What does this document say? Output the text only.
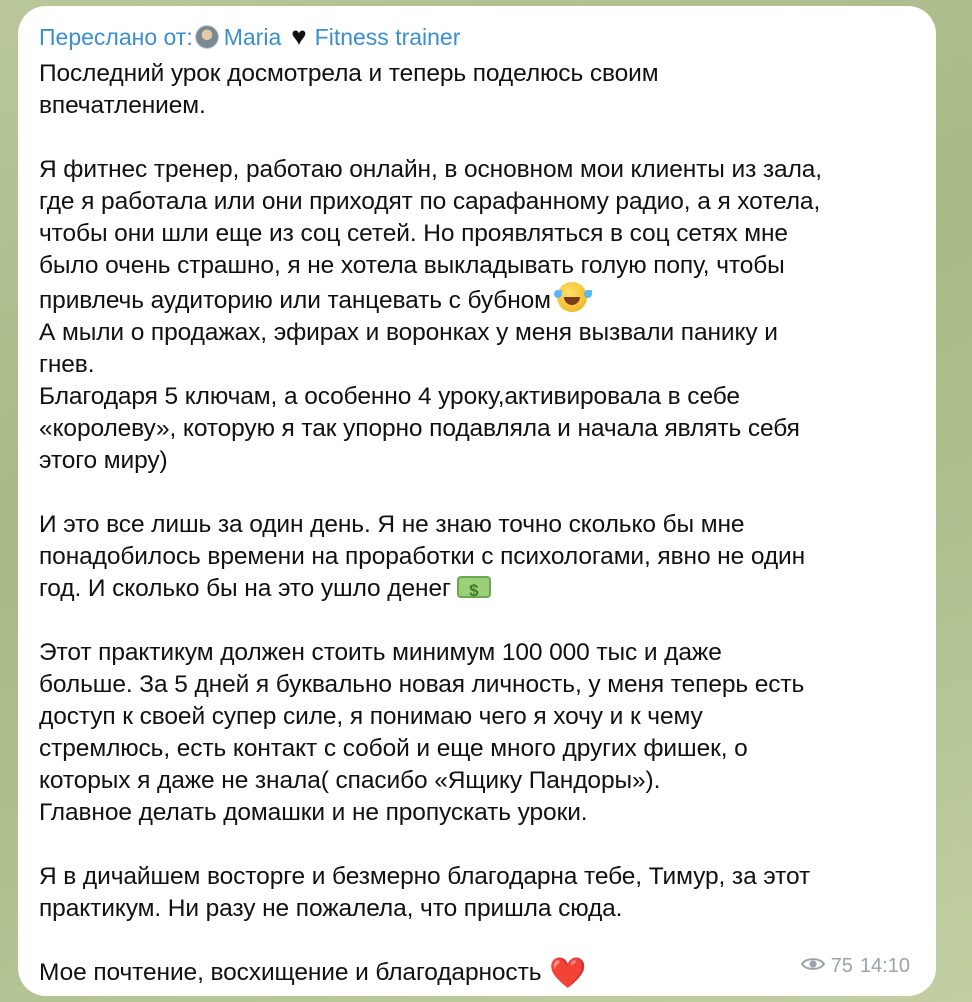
Переслано от: Maria ♥ Fitness trainer

Последний урок досмотрела и теперь поделюсь своим

впечатлением.

Я фитнес тренер, работаю онлайн, в основном мои клиенты из зала,

где я работала или они приходят по сарафанному радио, а я хотела,

чтобы они шли еще из соц сетей. Но проявляться в соц сетях мне

было очень страшно, я не хотела выкладывать голую попу, чтобы

привлечь аудиторию или танцевать с бубном

А мыли о продажах, эфирах и воронках у меня вызвали панику и

гнев.

Благодаря 5 ключам, а особенно 4 уроку,активировала в себе

«королеву», которую я так упорно подавляла и начала являть себя

этого миру)

И это все лишь за один день. Я не знаю точно сколько бы мне

понадобилось времени на проработки с психологами, явно не один

год. И сколько бы на это ушло денег$

Этот практикум должен стоить минимум 100 000 тыс и даже

больше. За 5 дней я буквально новая личность, у меня теперь есть

доступ к своей супер силе, я понимаю чего я хочу и к чему

стремлюсь, есть контакт с собой и еще много других фишек, о

которых я даже не знала( спасибо «Ящику Пандоры»).

Главное делать домашки и не пропускать уроки.

Я в дичайшем восторге и безмерно благодарна тебе, Тимур, за этот

практикум. Ни разу не пожалела, что пришла сюда.

Мое почтение, восхищение и благодарность ❤️	75 14:10
